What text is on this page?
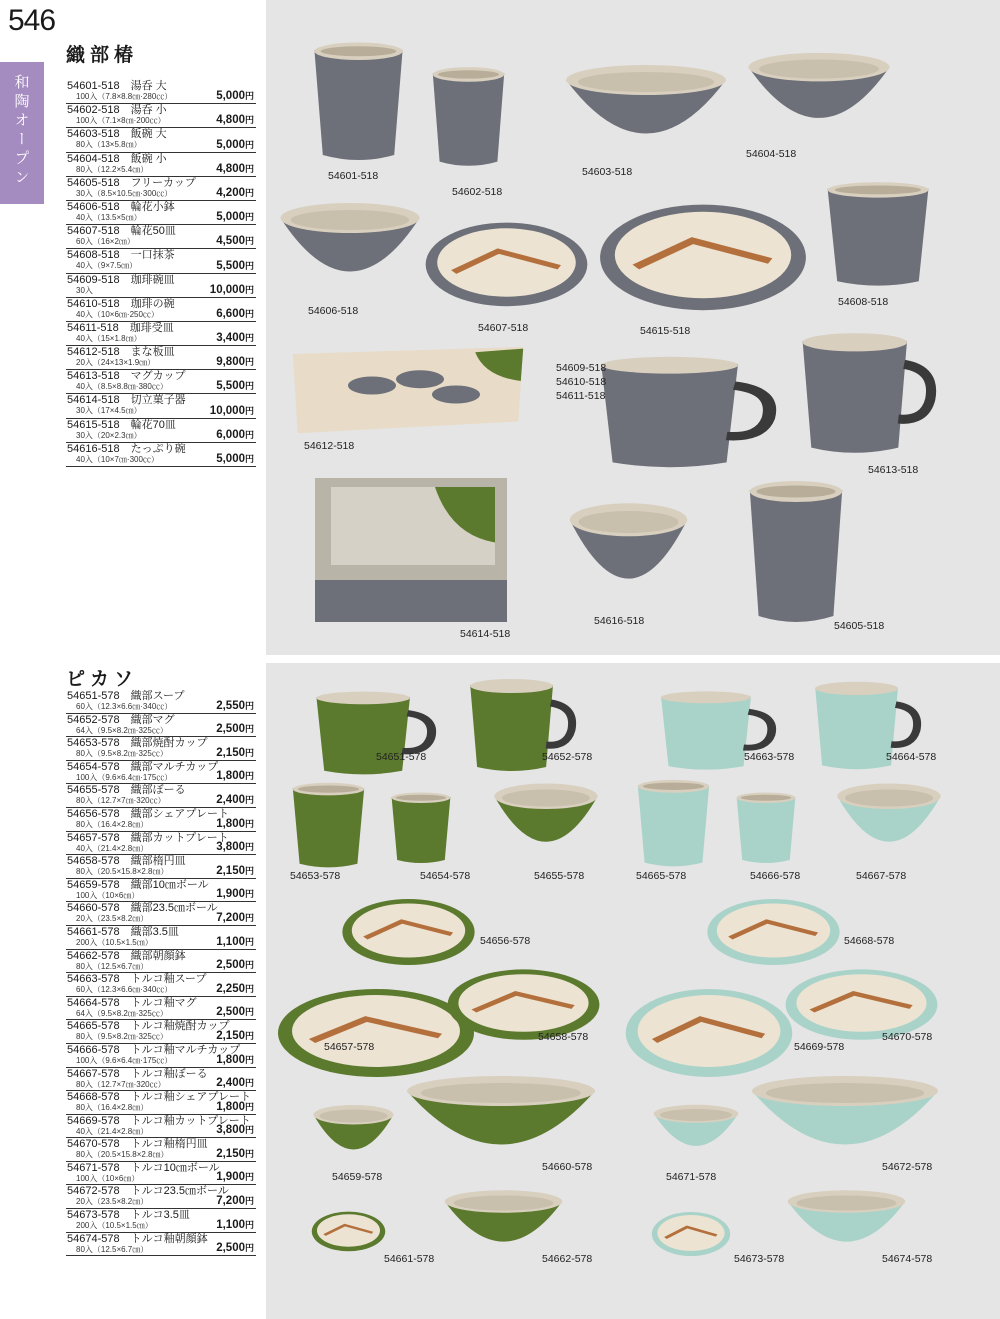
546
和陶オープン
織部椿
54601-518　 湯呑 大
100入（7.8×8.8㎝·280㏄）	5,000円
54602-518　 湯呑 小
100入（7.1×8㎝·200㏄）	4,800円
54603-518　 飯碗 大
80入（13×5.8㎝）	5,000円
54604-518　 飯碗 小
80入（12.2×5.4㎝）	4,800円
54605-518　 フリーカップ
30入（8.5×10.5㎝·300㏄）	4,200円
54606-518　 輪花小鉢
40入（13.5×5㎝）	5,000円
54607-518　 輪花50皿
60入（16×2㎝）	4,500円
54608-518　 一口抹茶
40入（9×7.5㎝）	5,500円
54609-518　 珈琲碗皿
30入	10,000円
54610-518　 珈琲の碗
40入（10×6㎝·250㏄）	6,600円
54611-518　 珈琲受皿
40入（15×1.8㎝）	3,400円
54612-518　 まな板皿
20入（24×13×1.9㎝）	9,800円
54613-518　 マグカップ
40入（8.5×8.8㎝·380㏄）	5,500円
54614-518　 切立菓子器
30入（17×4.5㎝）	10,000円
54615-518　 輪花70皿
30入（20×2.3㎝）	6,000円
54616-518　 たっぷり碗
40入（10×7㎝·300㏄）	5,000円
ピカソ
54651-578　 織部スープ
60入（12.3×6.6㎝·340㏄）	2,550円
54652-578　 織部マグ
64入（9.5×8.2㎝·325㏄）	2,500円
54653-578　 織部焼酎カップ
80入（9.5×8.2㎝·325㏄）	2,150円
54654-578　 織部マルチカップ
100入（9.6×6.4㎝·175㏄）	1,800円
54655-578　 織部ぼーる
80入（12.7×7㎝·320㏄）	2,400円
54656-578　 織部シェアプレート
80入（16.4×2.8㎝）	1,800円
54657-578　 織部カットプレート
40入（21.4×2.8㎝）	3,800円
54658-578　 織部楕円皿
80入（20.5×15.8×2.8㎝）	2,150円
54659-578　 織部10㎝ボール
100入（10×6㎝）	1,900円
54660-578　 織部23.5㎝ボール
20入（23.5×8.2㎝）	7,200円
54661-578　 織部3.5皿
200入（10.5×1.5㎝）	1,100円
54662-578　 織部朝顔鉢
80入（12.5×6.7㎝）	2,500円
54663-578　 トルコ釉スープ
60入（12.3×6.6㎝·340㏄）	2,250円
54664-578　 トルコ釉マグ
64入（9.5×8.2㎝·325㏄）	2,500円
54665-578　 トルコ釉焼酎カップ
80入（9.5×8.2㎝·325㏄）	2,150円
54666-578　 トルコ釉マルチカップ
100入（9.6×6.4㎝·175㏄）	1,800円
54667-578　 トルコ釉ぼーる
80入（12.7×7㎝·320㏄）	2,400円
54668-578　 トルコ釉シェアプレート
80入（16.4×2.8㎝）	1,800円
54669-578　 トルコ釉カットプレート
40入（21.4×2.8㎝）	3,800円
54670-578　 トルコ釉楕円皿
80入（20.5×15.8×2.8㎝）	2,150円
54671-578　 トルコ10㎝ボール
100入（10×6㎝）	1,900円
54672-578　 トルコ23.5㎝ボール
20入（23.5×8.2㎝）	7,200円
54673-578　 トルコ3.5皿
200入（10.5×1.5㎝）	1,100円
54674-578　 トルコ釉朝顔鉢
80入（12.5×6.7㎝）	2,500円
54601-518
54602-518
54603-518
54604-518
54606-518
54607-518	54615-518
54608-518
54609-518
54610-518
54611-518
54612-518
54613-518
54614-518
54616-518	54605-518
54651-578	54652-578	54663-578	54664-578
54653-578	54654-578	54655-578	54665-578	54666-578	54667-578
54656-578	54668-578
54657-578
54658-578
54669-578
54670-578
54659-578
54660-578
54671-578
54672-578
54661-578	54662-578	54673-578	54674-578
